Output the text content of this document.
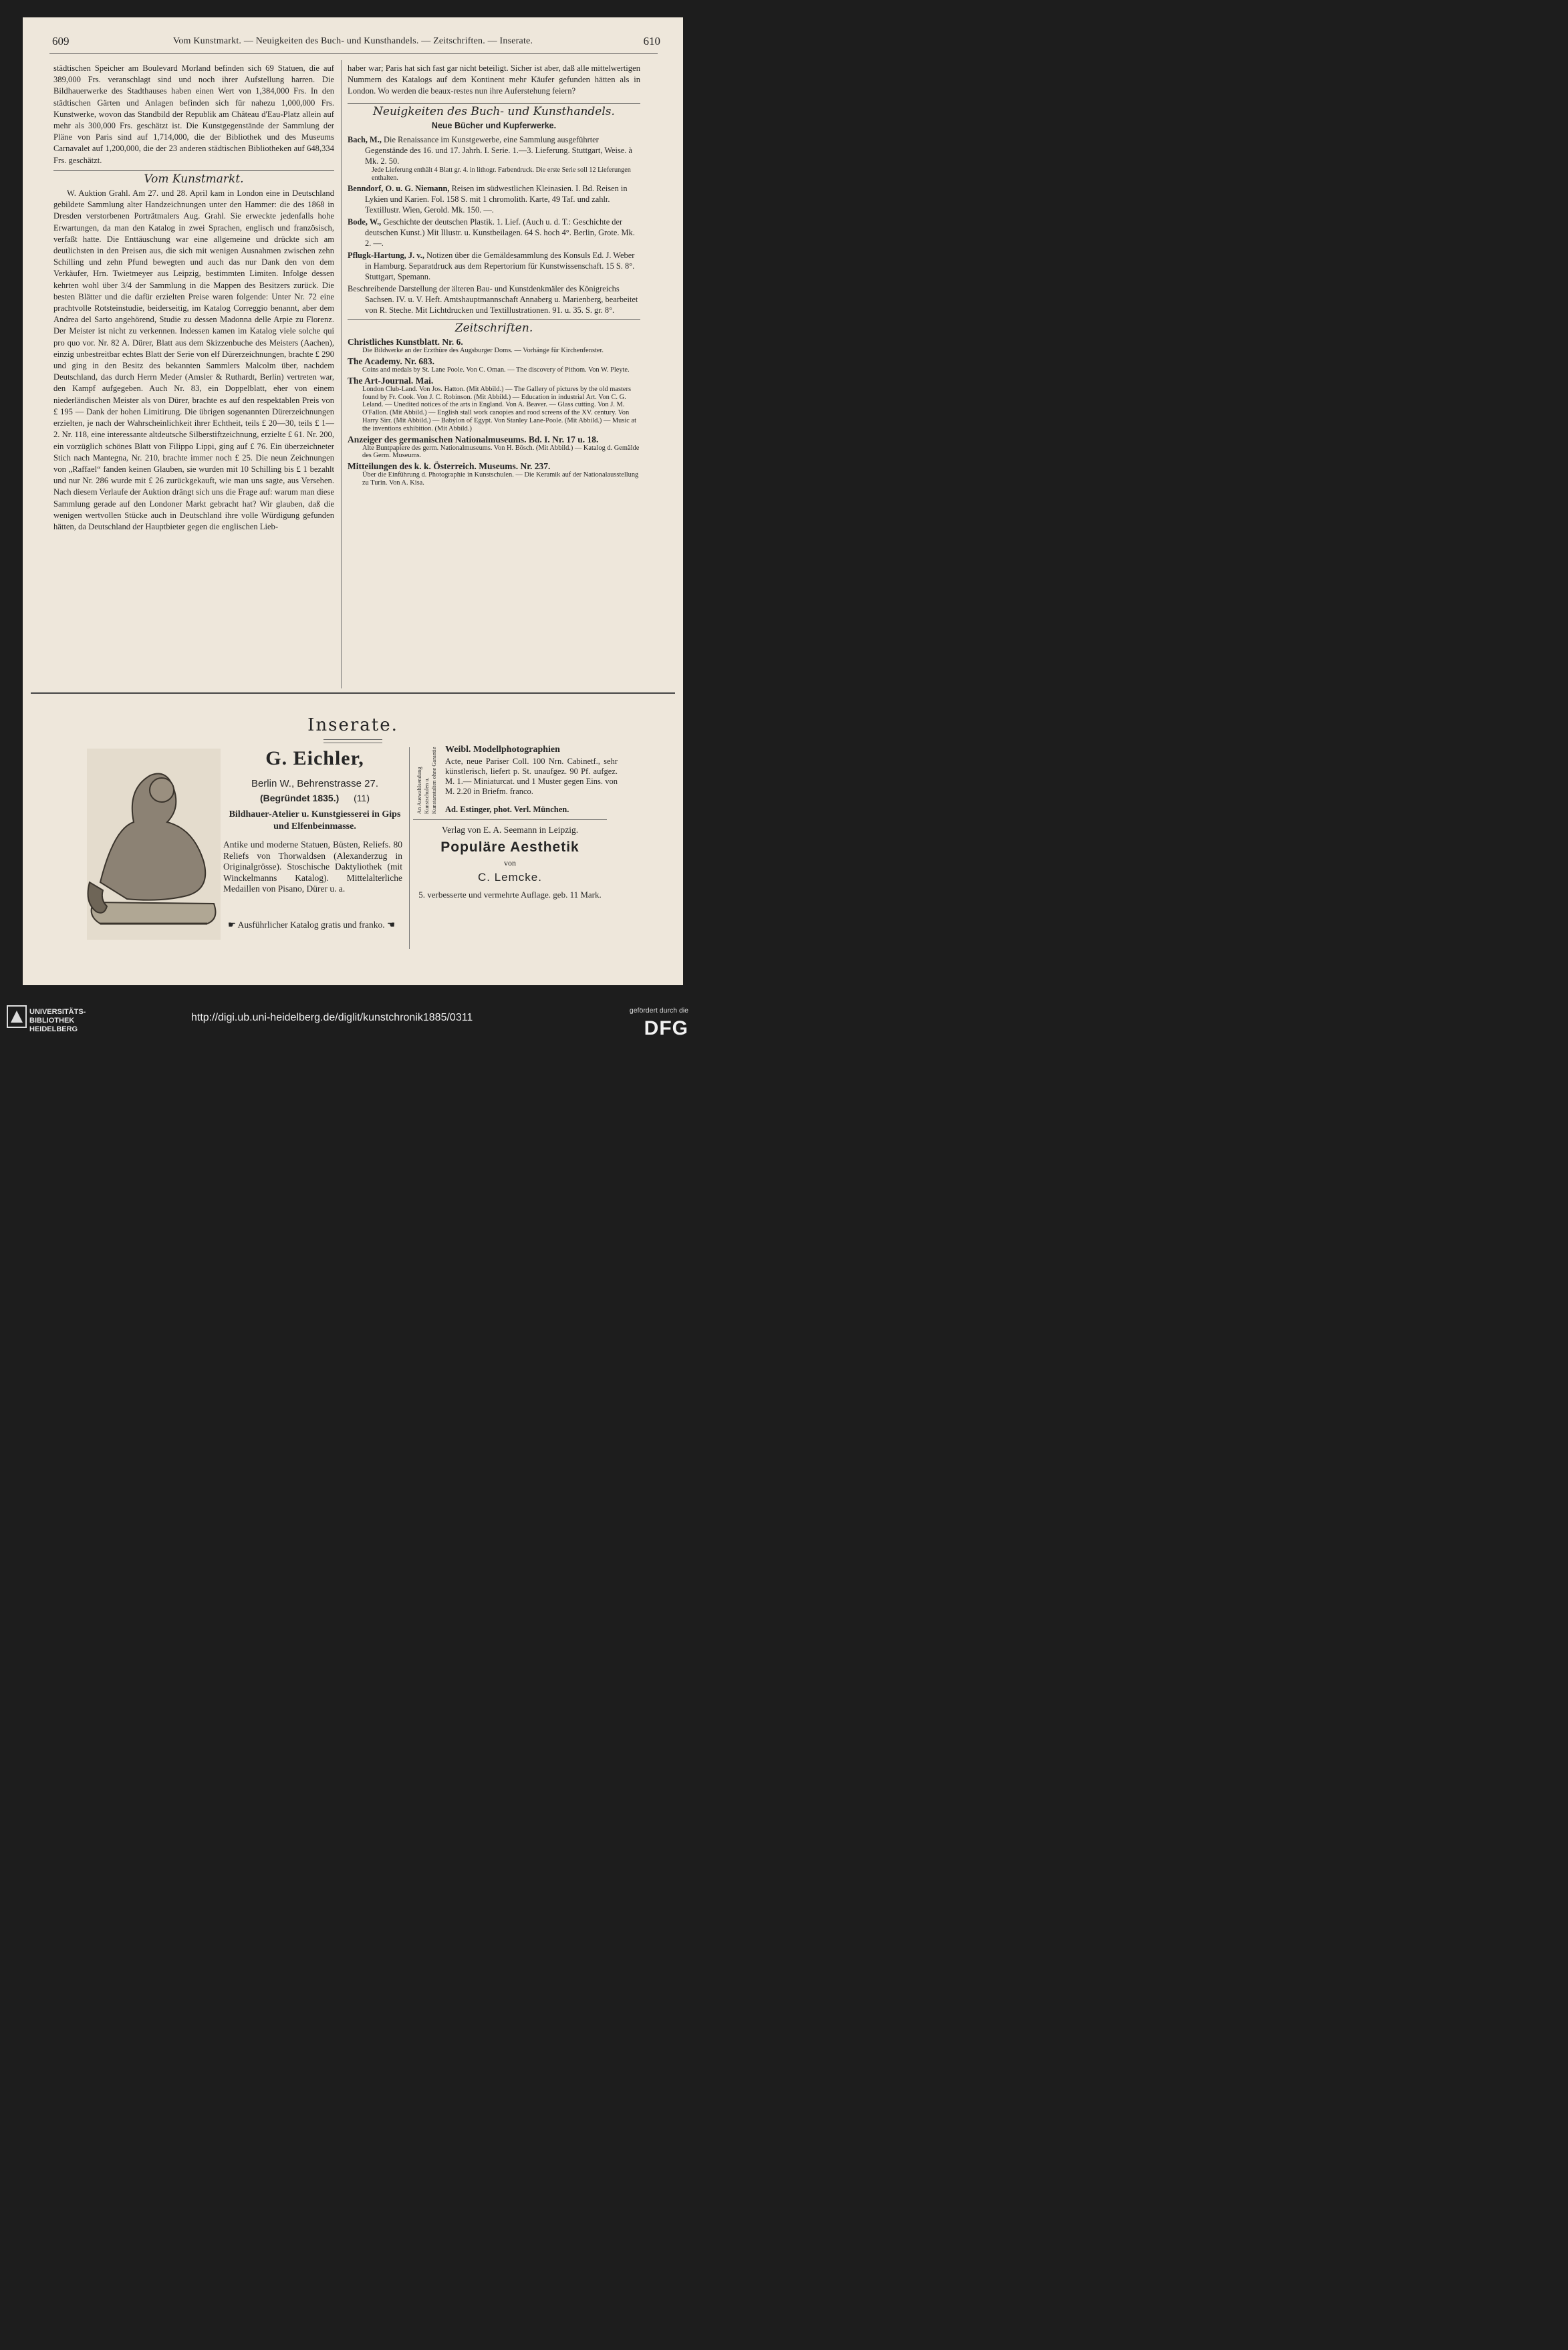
609	Vom Kunstmarkt. — Neuigkeiten des Buch- und Kunsthandels. — Zeitschriften. — Inserate.	610

städtischen Speicher am Boulevard Morland befinden sich 69 Statuen, die auf 389,000 Frs. veranschlagt sind und noch ihrer Aufstellung harren. Die Bildhauerwerke des Stadthauses haben einen Wert von 1,384,000 Frs. In den städtischen Gärten und Anlagen befinden sich für nahezu 1,000,000 Frs. Kunstwerke, wovon das Standbild der Republik am Château d'Eau-Platz allein auf mehr als 300,000 Frs. geschätzt ist. Die Kunstgegenstände der Sammlung der Pläne von Paris sind auf 1,714,000, die der Bibliothek und des Museums Carnavalet auf 1,200,000, die der 23 anderen städtischen Bibliotheken auf 648,334 Frs. geschätzt.

Vom Kunstmarkt.

W. Auktion Grahl. Am 27. und 28. April kam in London eine in Deutschland gebildete Sammlung alter Handzeichnungen unter den Hammer: die des 1868 in Dresden verstorbenen Porträtmalers Aug. Grahl. Sie erweckte jedenfalls hohe Erwartungen, da man den Katalog in zwei Sprachen, englisch und französisch, verfaßt hatte. Die Enttäuschung war eine allgemeine und drückte sich am deutlichsten in den Preisen aus, die sich mit wenigen Ausnahmen zwischen zehn Schilling und zehn Pfund bewegten und auch das nur Dank den von dem Verkäufer, Hrn. Twietmeyer aus Leipzig, bestimmten Limiten. Infolge dessen kehrten wohl über 3/4 der Sammlung in die Mappen des Besitzers zurück. Die besten Blätter und die dafür erzielten Preise waren folgende: Unter Nr. 72 eine prachtvolle Rotsteinstudie, beiderseitig, im Katalog Correggio benannt, aber dem Andrea del Sarto angehörend, Studie zu dessen Madonna delle Arpie zu Florenz. Der Meister ist nicht zu verkennen. Indessen kamen im Katalog viele solche qui pro quo vor. Nr. 82 A. Dürer, Blatt aus dem Skizzenbuche des Meisters (Aachen), einzig unbestreitbar echtes Blatt der Serie von elf Dürerzeichnungen, brachte £ 290 und ging in den Besitz des bekannten Sammlers Malcolm über, nachdem Deutschland, das durch Herrn Meder (Amsler & Ruthardt, Berlin) vertreten war, den Kampf aufgegeben. Auch Nr. 83, ein Doppelblatt, eher von einem niederländischen Meister als von Dürer, brachte es auf den respektablen Preis von £ 195 — Dank der hohen Limitirung. Die übrigen sogenannten Dürerzeichnungen erzielten, je nach der Wahrscheinlichkeit ihrer Echtheit, teils £ 20—30, teils £ 1—2. Nr. 118, eine interessante altdeutsche Silberstiftzeichnung, erzielte £ 61. Nr. 200, ein vorzüglich schönes Blatt von Filippo Lippi, ging auf £ 76. Ein überzeichneter Stich nach Mantegna, Nr. 210, brachte immer noch £ 25. Die neun Zeichnungen von „Raffael“ fanden keinen Glauben, sie wurden mit 10 Schilling bis £ 1 bezahlt und nur Nr. 286 wurde mit £ 26 zurückgekauft, wie man uns sagte, aus Versehen. Nach diesem Verlaufe der Auktion drängt sich uns die Frage auf: warum man diese Sammlung gerade auf den Londoner Markt gebracht hat? Wir glauben, daß die wenigen wertvollen Stücke auch in Deutschland ihre volle Würdigung gefunden hätten, da Deutschland der Hauptbieter gegen die englischen Lieb-

haber war; Paris hat sich fast gar nicht beteiligt. Sicher ist aber, daß alle mittelwertigen Nummern des Katalogs auf dem Kontinent mehr Käufer gefunden hätten als in London. Wo werden die beaux-restes nun ihre Auferstehung feiern?

Neuigkeiten des Buch- und Kunsthandels.
Neue Bücher und Kupferwerke.
Bach, M., Die Renaissance im Kunstgewerbe, eine Sammlung ausgeführter Gegenstände des 16. und 17. Jahrh. I. Serie. 1.—3. Lieferung. Stuttgart, Weise. à Mk. 2. 50.
Jede Lieferung enthält 4 Blatt gr. 4. in lithogr. Farbendruck. Die erste Serie soll 12 Lieferungen enthalten.
Benndorf, O. u. G. Niemann, Reisen im südwestlichen Kleinasien. I. Bd. Reisen in Lykien und Karien. Fol. 158 S. mit 1 chromolith. Karte, 49 Taf. und zahlr. Textillustr. Wien, Gerold. Mk. 150. —.
Bode, W., Geschichte der deutschen Plastik. 1. Lief. (Auch u. d. T.: Geschichte der deutschen Kunst.) Mit Illustr. u. Kunstbeilagen. 64 S. hoch 4°. Berlin, Grote. Mk. 2. —.
Pflugk-Hartung, J. v., Notizen über die Gemäldesammlung des Konsuls Ed. J. Weber in Hamburg. Separatdruck aus dem Repertorium für Kunstwissenschaft. 15 S. 8°. Stuttgart, Spemann.
Beschreibende Darstellung der älteren Bau- und Kunstdenkmäler des Königreichs Sachsen. IV. u. V. Heft. Amtshauptmannschaft Annaberg u. Marienberg, bearbeitet von R. Steche. Mit Lichtdrucken und Textillustrationen. 91. u. 35. S. gr. 8°.
Zeitschriften.
Christliches Kunstblatt. Nr. 6.
Die Bildwerke an der Erzthüre des Augsburger Doms. — Vorhänge für Kirchenfenster.
The Academy. Nr. 683.
Coins and medals by St. Lane Poole. Von C. Oman. — The discovery of Pithom. Von W. Pleyte.
The Art-Journal. Mai.
London Club-Land. Von Jos. Hatton. (Mit Abbild.) — The Gallery of pictures by the old masters found by Fr. Cook. Von J. C. Robinson. (Mit Abbild.) — Education in industrial Art. Von C. G. Leland. — Unedited notices of the arts in England. Von A. Beaver. — Glass cutting. Von J. M. O'Fallon. (Mit Abbild.) — English stall work canopies and rood screens of the XV. century. Von Harry Sirr. (Mit Abbild.) — Babylon of Egypt. Von Stanley Lane-Poole. (Mit Abbild.) — Music at the inventions exhibition. (Mit Abbild.)
Anzeiger des germanischen Nationalmuseums. Bd. I. Nr. 17 u. 18.
Alte Buntpapiere des germ. Nationalmuseums. Von H. Bösch. (Mit Abbild.) — Katalog d. Gemälde des Germ. Museums.
Mitteilungen des k. k. Österreich. Museums. Nr. 237.
Über die Einführung d. Photographie in Kunstschulen. — Die Keramik auf der Nationalausstellung zu Turin. Von A. Kisa.
Inserate.
G. Eichler,
Berlin W., Behrenstrasse 27.
(Begründet 1835.) (11)
Bildhauer-Atelier u. Kunstgiesserei in Gips und Elfenbeinmasse.
Antike und moderne Statuen, Büsten, Reliefs. 80 Reliefs von Thorwaldsen (Alexanderzug in Originalgrösse). Stoschische Daktyliothek (mit Winckelmanns Katalog). Mittelalterliche Medaillen von Pisano, Dürer u. a.
☛ Ausführlicher Katalog gratis und franko. ☚
An Auswahlsendung Kunstschulen u. Kunstanstalten ohne Garantie Weibl. Modellphotographien
Acte, neue Pariser Coll. 100 Nrn. Cabinetf., sehr künstlerisch, liefert p. St. unaufgez. 90 Pf. aufgez. M. 1.— Miniaturcat. und 1 Muster gegen Eins. von M. 2.20 in Briefm. franco.
Ad. Estinger, phot. Verl. München.
Verlag von E. A. Seemann in Leipzig.
Populäre Aesthetik
von
C. Lemcke.
5. verbesserte und vermehrte Auflage. geb. 11 Mark.
UNIVERSITÄTS-
BIBLIOTHEK
HEIDELBERG
http://digi.ub.uni-heidelberg.de/diglit/kunstchronik1885/0311
gefördert durch die
DFG
